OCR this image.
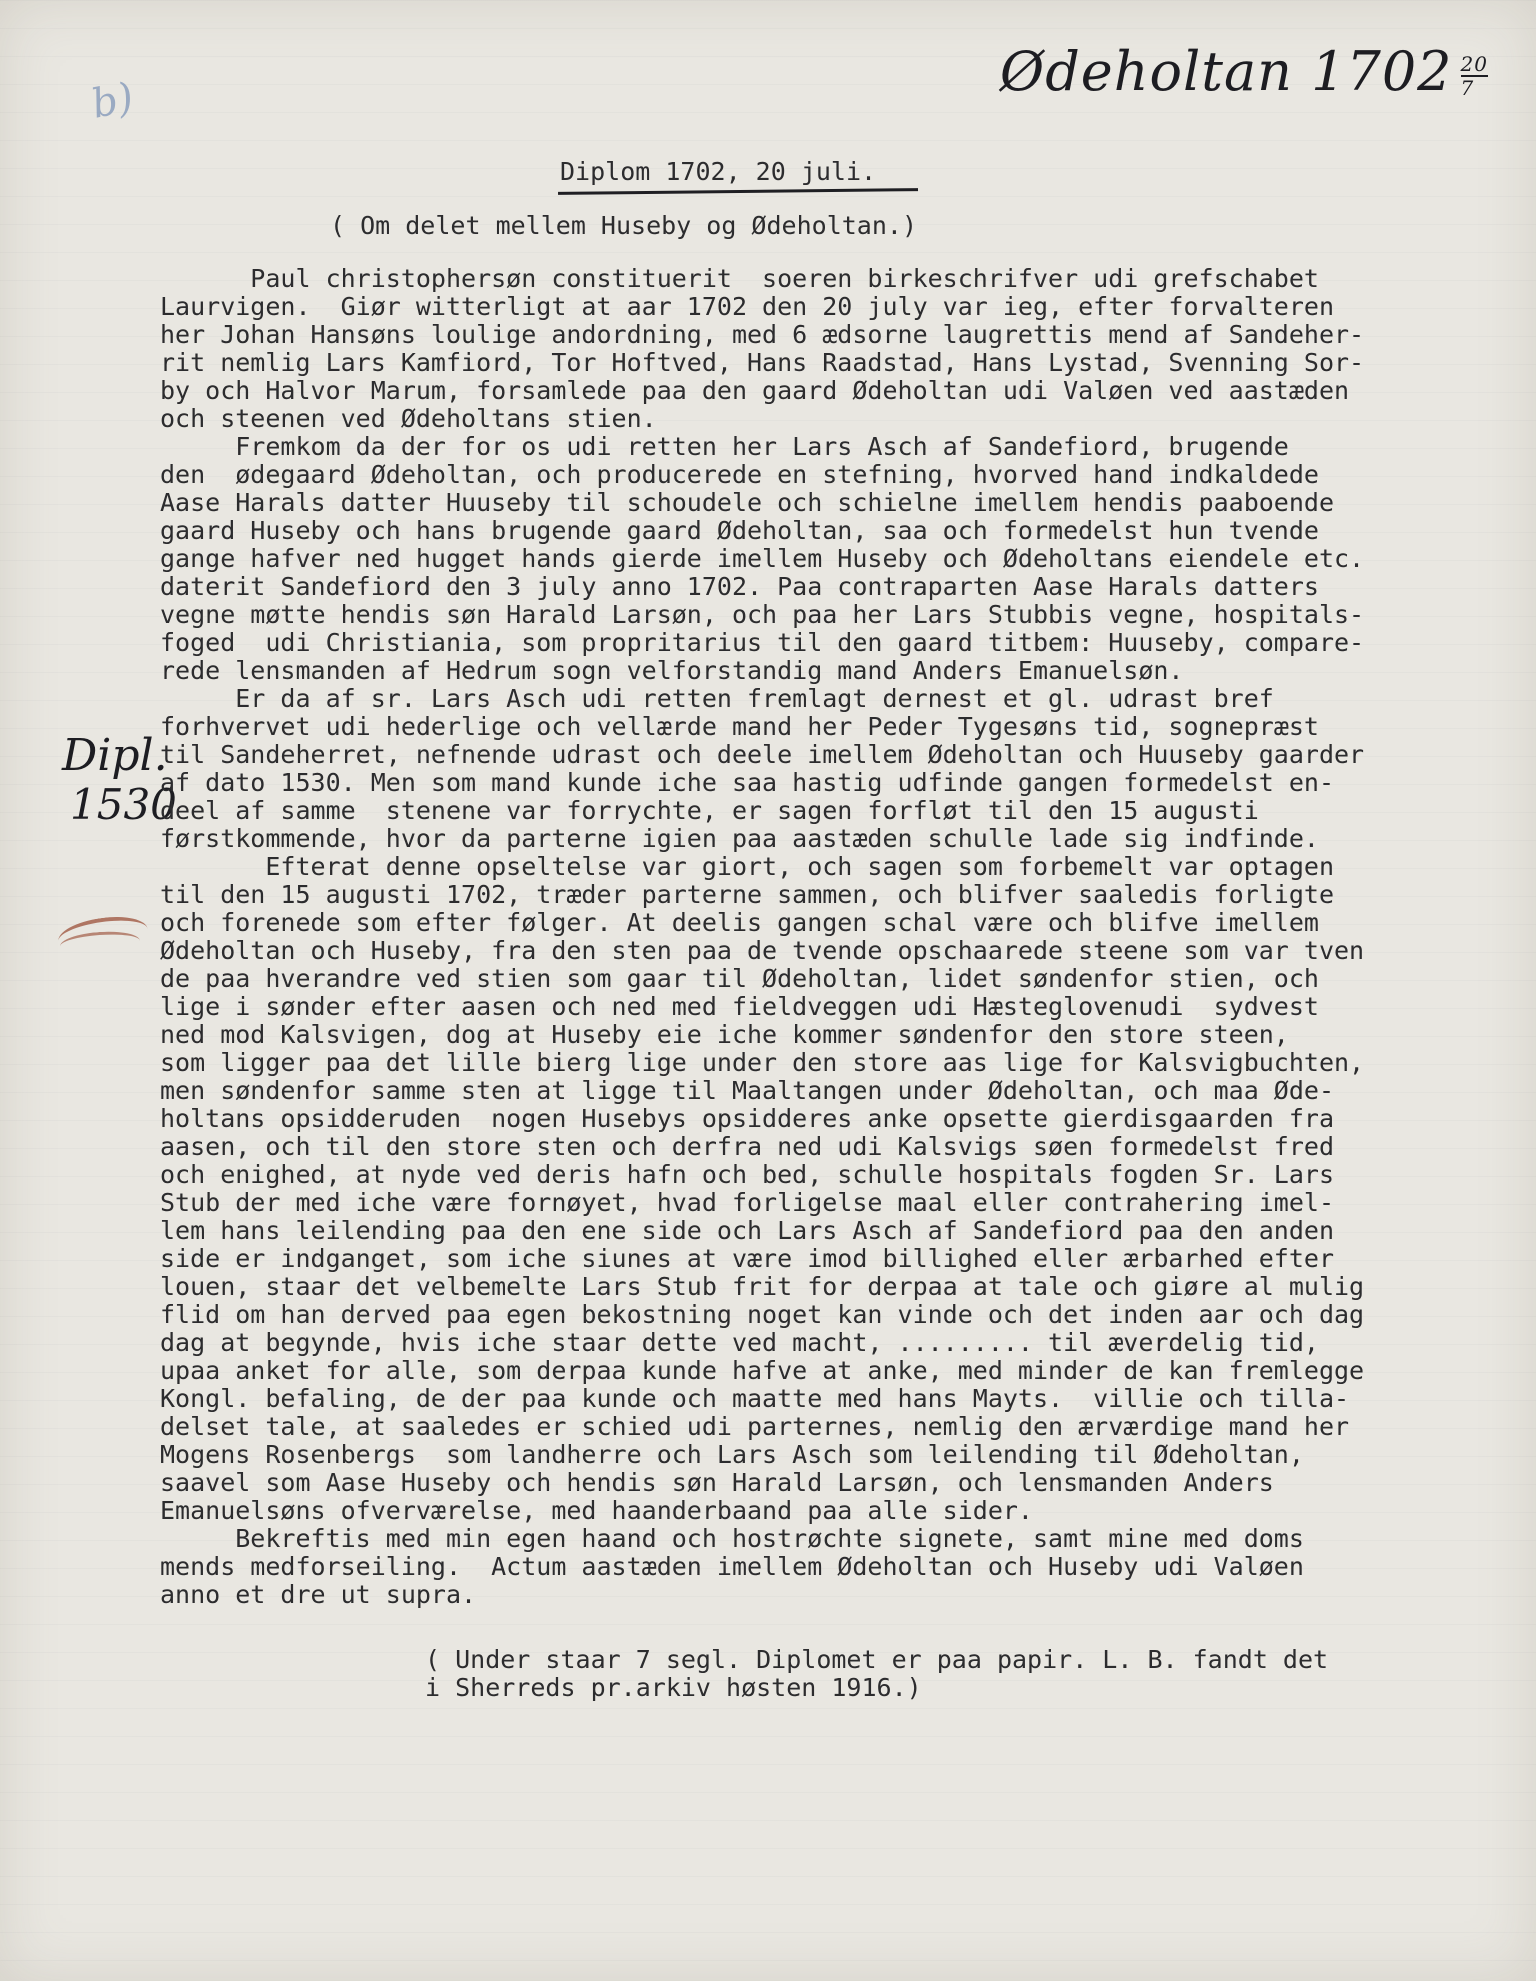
b)	Ødeholtan $1702 \frac{20}{7}$
Diplom 1702, 20 juli.
( Om delet mellem Huseby og Ødeholtan.)
Dipl.
1530
Paul christophersøn constituerit  soeren birkeschrifver udi grefschabet
Laurvigen.  Giør witterligt at aar 1702 den 20 july var ieg, efter forvalteren
her Johan Hansøns loulige andordning, med 6 ædsorne laugrettis mend af Sandeher-
rit nemlig Lars Kamfiord, Tor Hoftved, Hans Raadstad, Hans Lystad, Svenning Sor-
by och Halvor Marum, forsamlede paa den gaard Ødeholtan udi Valøen ved aastæden
och steenen ved Ødeholtans stien.
Fremkom da der for os udi retten her Lars Asch af Sandefiord, brugende
den  ødegaard Ødeholtan, och producerede en stefning, hvorved hand indkaldede
Aase Harals datter Huuseby til schoudele och schielne imellem hendis paaboende
gaard Huseby och hans brugende gaard Ødeholtan, saa och formedelst hun tvende
gange hafver ned hugget hands gierde imellem Huseby och Ødeholtans eiendele etc.
daterit Sandefiord den 3 july anno 1702. Paa contraparten Aase Harals datters
vegne møtte hendis søn Harald Larsøn, och paa her Lars Stubbis vegne, hospitals-
foged  udi Christiania, som propritarius til den gaard titbem: Huuseby, compare-
rede lensmanden af Hedrum sogn velforstandig mand Anders Emanuelsøn.
Er da af sr. Lars Asch udi retten fremlagt dernest et gl. udrast bref
forhvervet udi hederlige och vellærde mand her Peder Tygesøns tid, sognepræst
til Sandeherret, nefnende udrast och deele imellem Ødeholtan och Huuseby gaarder
af dato 1530. Men som mand kunde iche saa hastig udfinde gangen formedelst en-
deel af samme  stenene var forrychte, er sagen forfløt til den 15 augusti
førstkommende, hvor da parterne igien paa aastæden schulle lade sig indfinde.
Efterat denne opseltelse var giort, och sagen som forbemelt var optagen
til den 15 augusti 1702, træder parterne sammen, och blifver saaledis forligte
och forenede som efter følger. At deelis gangen schal være och blifve imellem
Ødeholtan och Huseby, fra den sten paa de tvende opschaarede steene som var tven
de paa hverandre ved stien som gaar til Ødeholtan, lidet søndenfor stien, och
lige i sønder efter aasen och ned med fieldveggen udi Hæsteglovenudi  sydvest
ned mod Kalsvigen, dog at Huseby eie iche kommer søndenfor den store steen,
som ligger paa det lille bierg lige under den store aas lige for Kalsvigbuchten,
men søndenfor samme sten at ligge til Maaltangen under Ødeholtan, och maa Øde-
holtans opsidderuden  nogen Husebys opsidderes anke opsette gierdisgaarden fra
aasen, och til den store sten och derfra ned udi Kalsvigs søen formedelst fred
och enighed, at nyde ved deris hafn och bed, schulle hospitals fogden Sr. Lars
Stub der med iche være fornøyet, hvad forligelse maal eller contrahering imel-
lem hans leilending paa den ene side och Lars Asch af Sandefiord paa den anden
side er indganget, som iche siunes at være imod billighed eller ærbarhed efter
louen, staar det velbemelte Lars Stub frit for derpaa at tale och giøre al mulig
flid om han derved paa egen bekostning noget kan vinde och det inden aar och dag
dag at begynde, hvis iche staar dette ved macht, ......... til æverdelig tid,
upaa anket for alle, som derpaa kunde hafve at anke, med minder de kan fremlegge
Kongl. befaling, de der paa kunde och maatte med hans Mayts.  villie och tilla-
delset tale, at saaledes er schied udi parternes, nemlig den ærværdige mand her
Mogens Rosenbergs  som landherre och Lars Asch som leilending til Ødeholtan,
saavel som Aase Huseby och hendis søn Harald Larsøn, och lensmanden Anders
Emanuelsøns ofverværelse, med haanderbaand paa alle sider.
Bekreftis med min egen haand och hostrøchte signete, samt mine med doms
mends medforseiling.  Actum aastæden imellem Ødeholtan och Huseby udi Valøen
anno et dre ut supra.
( Under staar 7 segl. Diplomet er paa papir. L. B. fandt det
i Sherreds pr.arkiv høsten 1916.)
